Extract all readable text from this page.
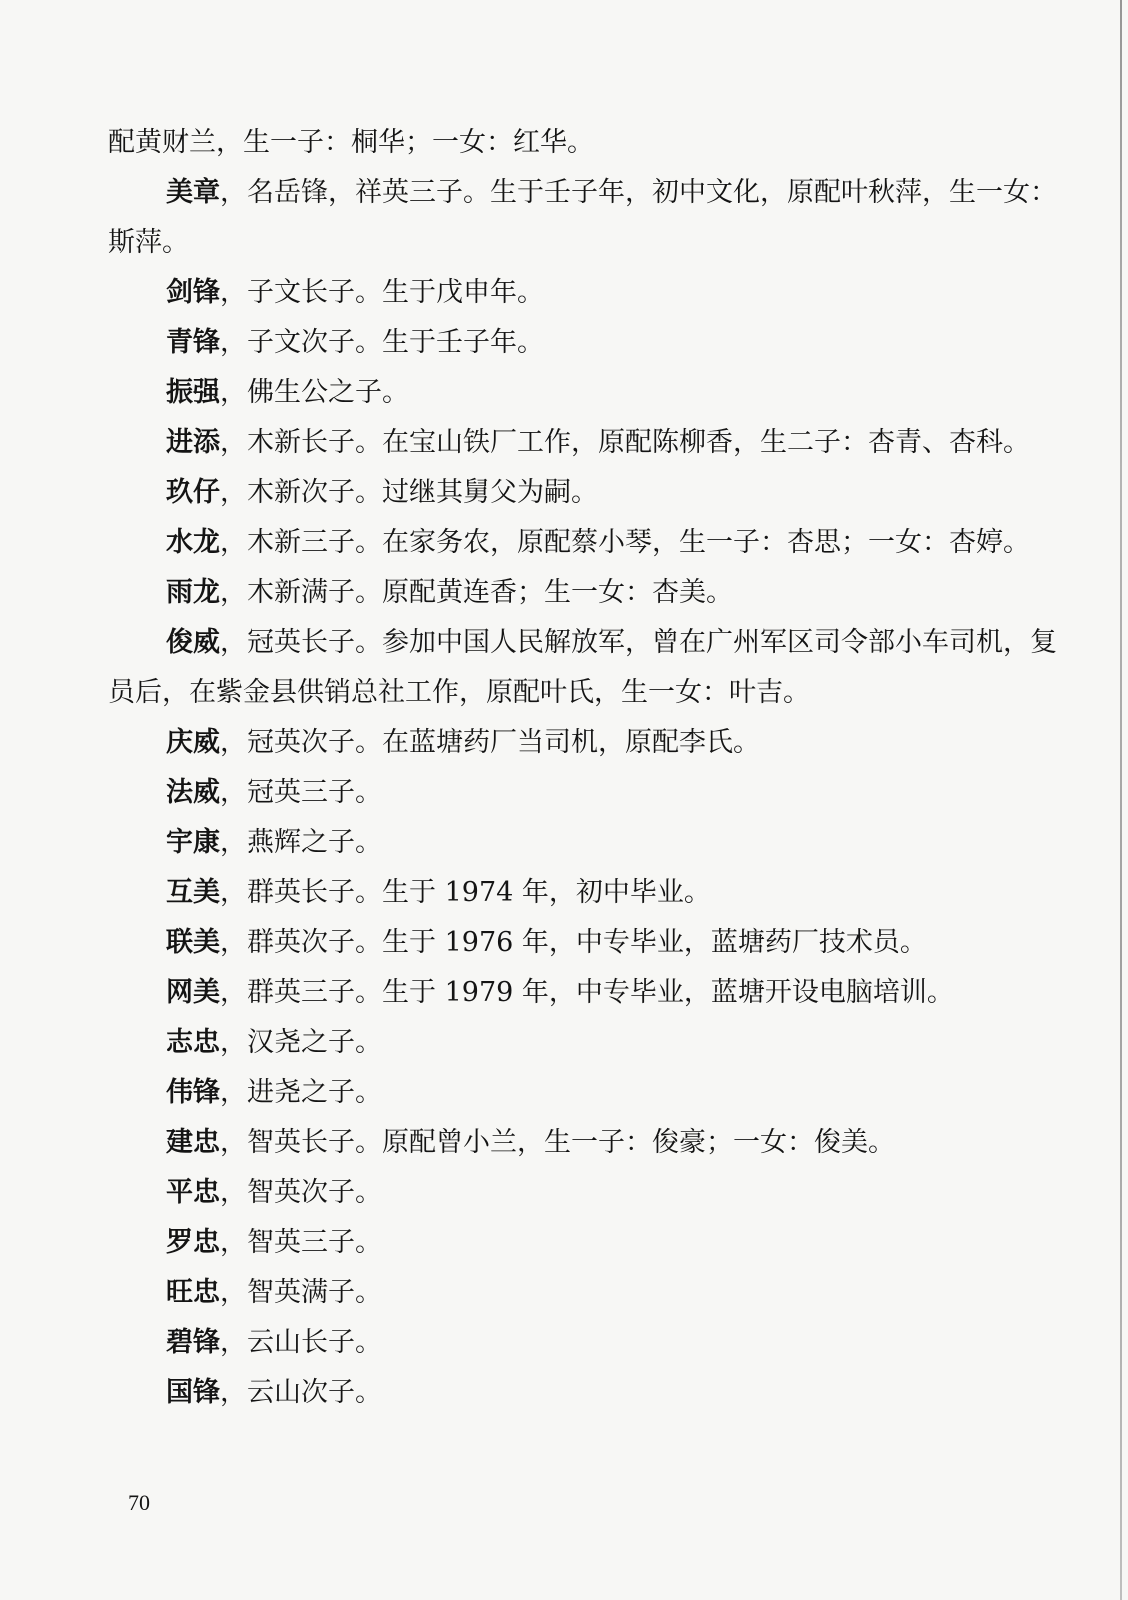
配黄财兰，生一子：桐华；一女：红华。

美章，名岳锋，祥英三子。生于壬子年，初中文化，原配叶秋萍，生一女：斯萍。

剑锋，子文长子。生于戊申年。

青锋，子文次子。生于壬子年。

振强，佛生公之子。

进添，木新长子。在宝山铁厂工作，原配陈柳香，生二子：杏青、杏科。

玖仔，木新次子。过继其舅父为嗣。

水龙，木新三子。在家务农，原配蔡小琴，生一子：杏思；一女：杏婷。

雨龙，木新满子。原配黄连香；生一女：杏美。

俊威，冠英长子。参加中国人民解放军，曾在广州军区司令部小车司机，复员后，在紫金县供销总社工作，原配叶氏，生一女：叶吉。

庆威，冠英次子。在蓝塘药厂当司机，原配李氏。

法威，冠英三子。

宇康，燕辉之子。

互美，群英长子。生于 1974 年，初中毕业。

联美，群英次子。生于 1976 年，中专毕业，蓝塘药厂技术员。

网美，群英三子。生于 1979 年，中专毕业，蓝塘开设电脑培训。

志忠，汉尧之子。

伟锋，进尧之子。

建忠，智英长子。原配曾小兰，生一子：俊豪；一女：俊美。

平忠，智英次子。

罗忠，智英三子。

旺忠，智英满子。

碧锋，云山长子。

国锋，云山次子。

70
